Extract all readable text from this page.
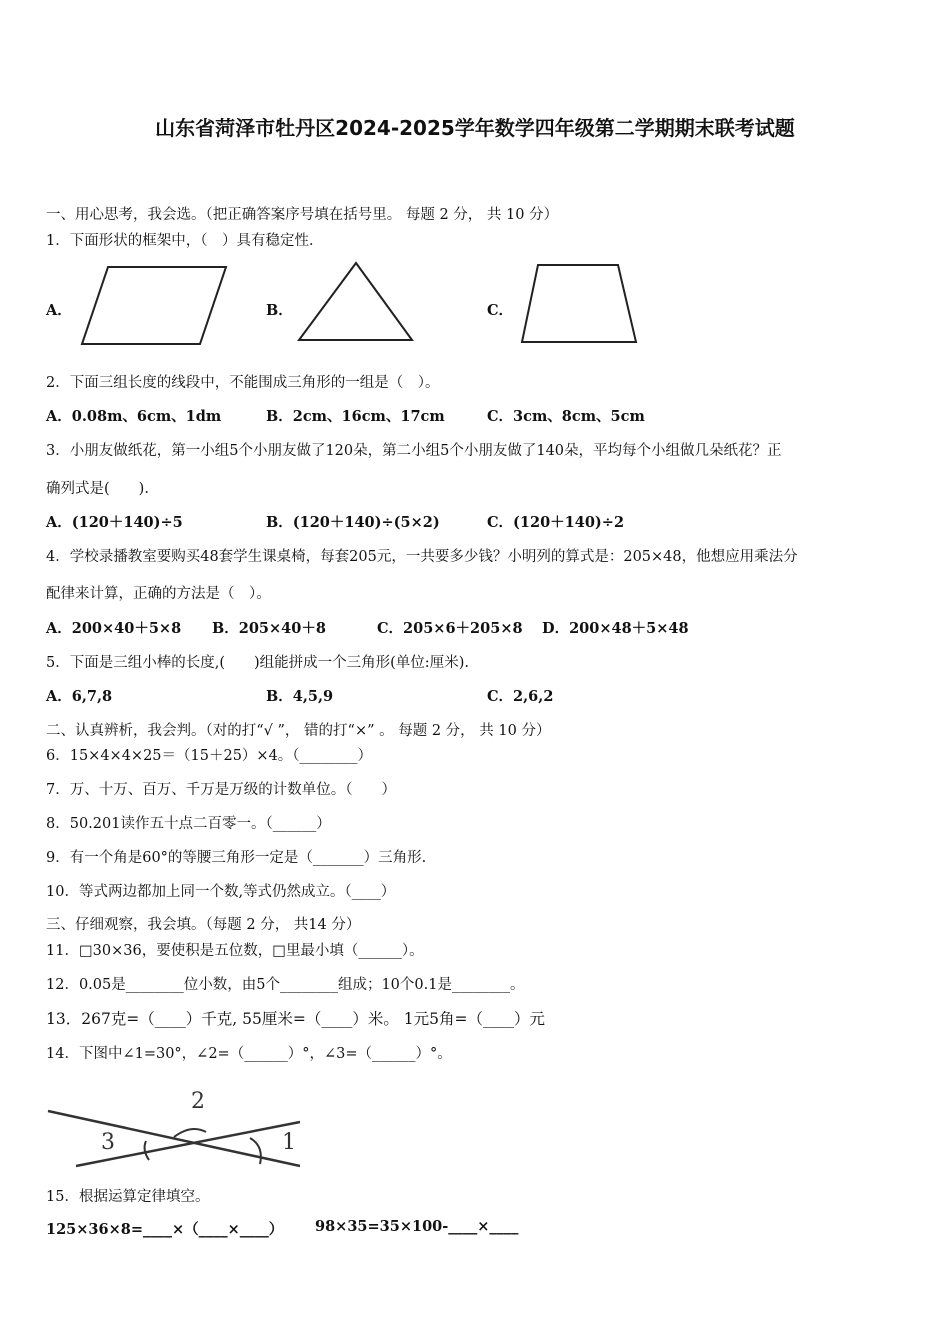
山东省菏泽市牡丹区2024-2025学年数学四年级第二学期期末联考试题
一、用心思考，我会选。（把正确答案序号填在括号里。 每题 2 分， 共 10 分）
1．下面形状的框架中，（　）具有稳定性．
A．	B．	C．
2．下面三组长度的线段中，不能围成三角形的一组是（　）。
A．0.08m、6cm、1dm	B．2cm、16cm、17cm	C．3cm、8cm、5cm
3．小朋友做纸花，第一小组5个小朋友做了120朵，第二小组5个小朋友做了140朵，平均每个小组做几朵纸花？正
确列式是(　　).
A．(120＋140)÷5	B．(120＋140)÷(5×2)	C．(120＋140)÷2
4．学校录播教室要购买48套学生课桌椅，每套205元，一共要多少钱？小明列的算式是：205×48，他想应用乘法分
配律来计算，正确的方法是（　）。
A．200×40＋5×8 B．205×40＋8	C．205×6＋205×8 D．200×48＋5×48
5．下面是三组小棒的长度,(　　)组能拼成一个三角形(单位:厘米).
A．6,7,8	B．4,5,9	C．2,6,2
二、认真辨析，我会判。（对的打“√ ”， 错的打“×” 。 每题 2 分， 共 10 分）
6．15×4×4×25＝（15＋25）×4。（________）
7．万、十万、百万、千万是万级的计数单位。（　　）
8．50.201读作五十点二百零一。（______）
9．有一个角是60°的等腰三角形一定是（_______）三角形.
10．等式两边都加上同一个数,等式仍然成立。（____）
三、仔细观察，我会填。（每题 2 分， 共14 分）
11．□30×36，要使积是五位数，□里最小填（______）。
12．0.05是________位小数，由5个________组成；10个0.1是________。
13．267克=（____）千克, 55厘米=（____）米。 1元5角=（____）元
14．下图中∠1=30°，∠2=（______）°，∠3=（______）°。
2
3	1
15．根据运算定律填空。
125×36×8=____×（____×____） 98×35=35×100-____×____
